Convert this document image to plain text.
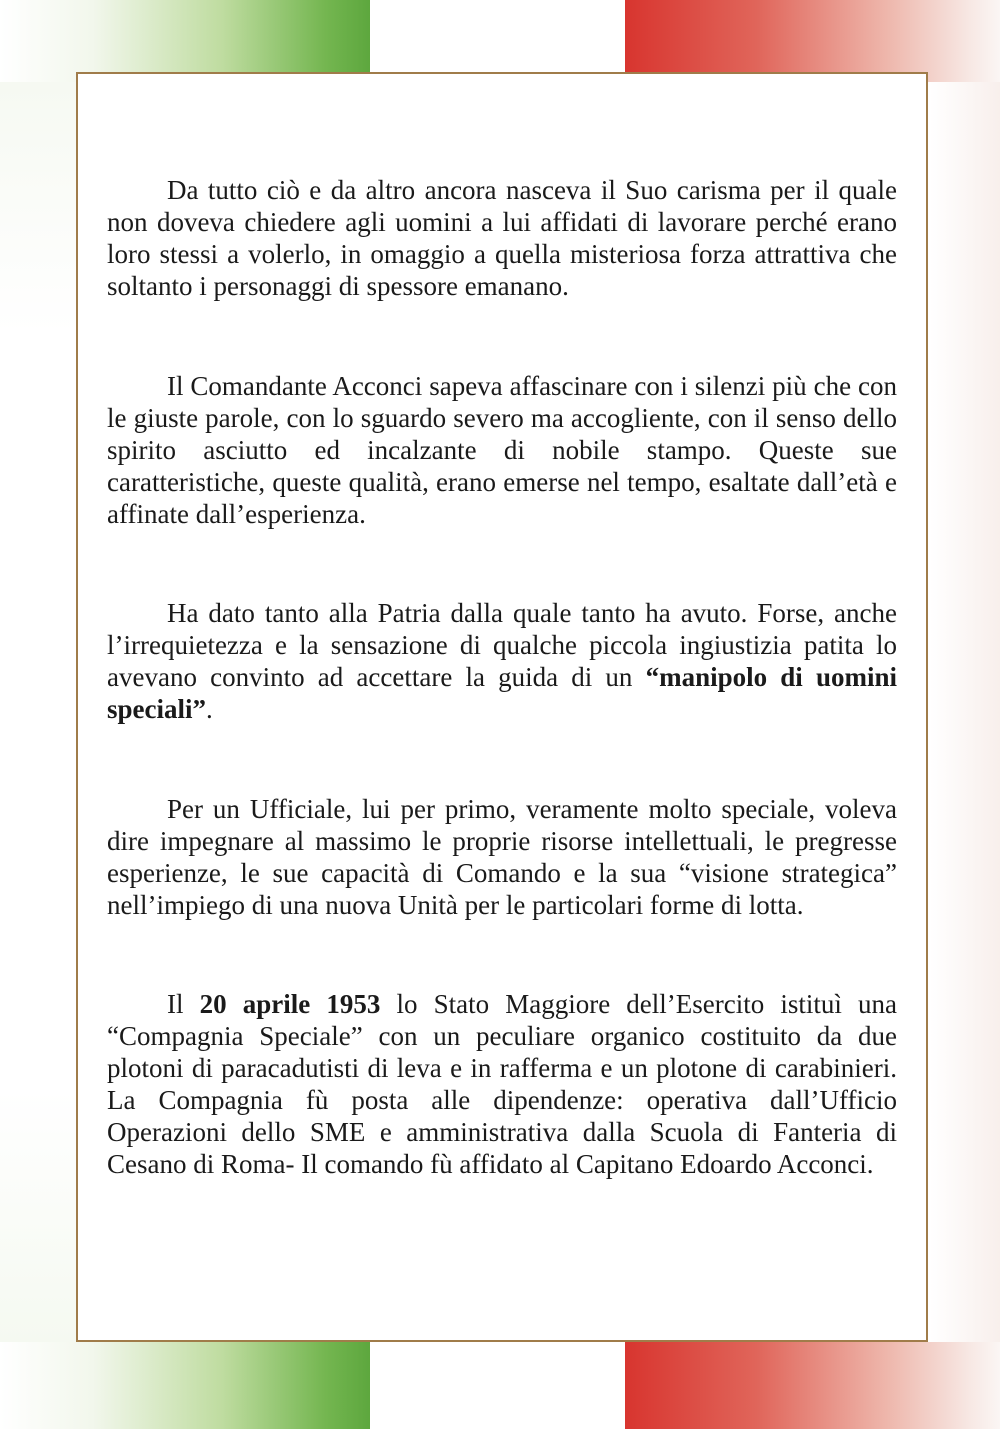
Da tutto ciò e da altro ancora nasceva il Suo carisma per il quale non doveva chiedere agli uomini a lui affidati di lavorare perché erano loro stessi a volerlo, in omaggio a quella misteriosa forza attrattiva che soltanto i personaggi di spessore emanano.

Il Comandante Acconci sapeva affascinare con i silenzi più che con le giuste parole, con lo sguardo severo ma accogliente, con il senso dello spirito asciutto ed incalzante di nobile stampo. Queste sue caratteristiche, queste qualità, erano emerse nel tempo, esaltate dall’età e affinate dall’esperienza.

Ha dato tanto alla Patria dalla quale tanto ha avuto. Forse, anche l’irrequietezza e la sensazione di qualche piccola ingiustizia patita lo avevano convinto ad accettare la guida di un “manipolo di uomini speciali”.

Per un Ufficiale, lui per primo, veramente molto speciale, voleva dire impegnare al massimo le proprie risorse intellettuali, le pregresse esperienze, le sue capacità di Comando e la sua “visione strategica” nell’impiego di una nuova Unità per le particolari forme di lotta.

Il 20 aprile 1953 lo Stato Maggiore dell’Esercito istituì una “Compagnia Speciale” con un peculiare organico costituito da due plotoni di paracadutisti di leva e in rafferma e un plotone di carabinieri. La Compagnia fù posta alle dipendenze: operativa dall’Ufficio Operazioni dello SME e amministrativa dalla Scuola di Fanteria di Cesano di Roma- Il comando fù affidato al Capitano Edoardo Acconci.
